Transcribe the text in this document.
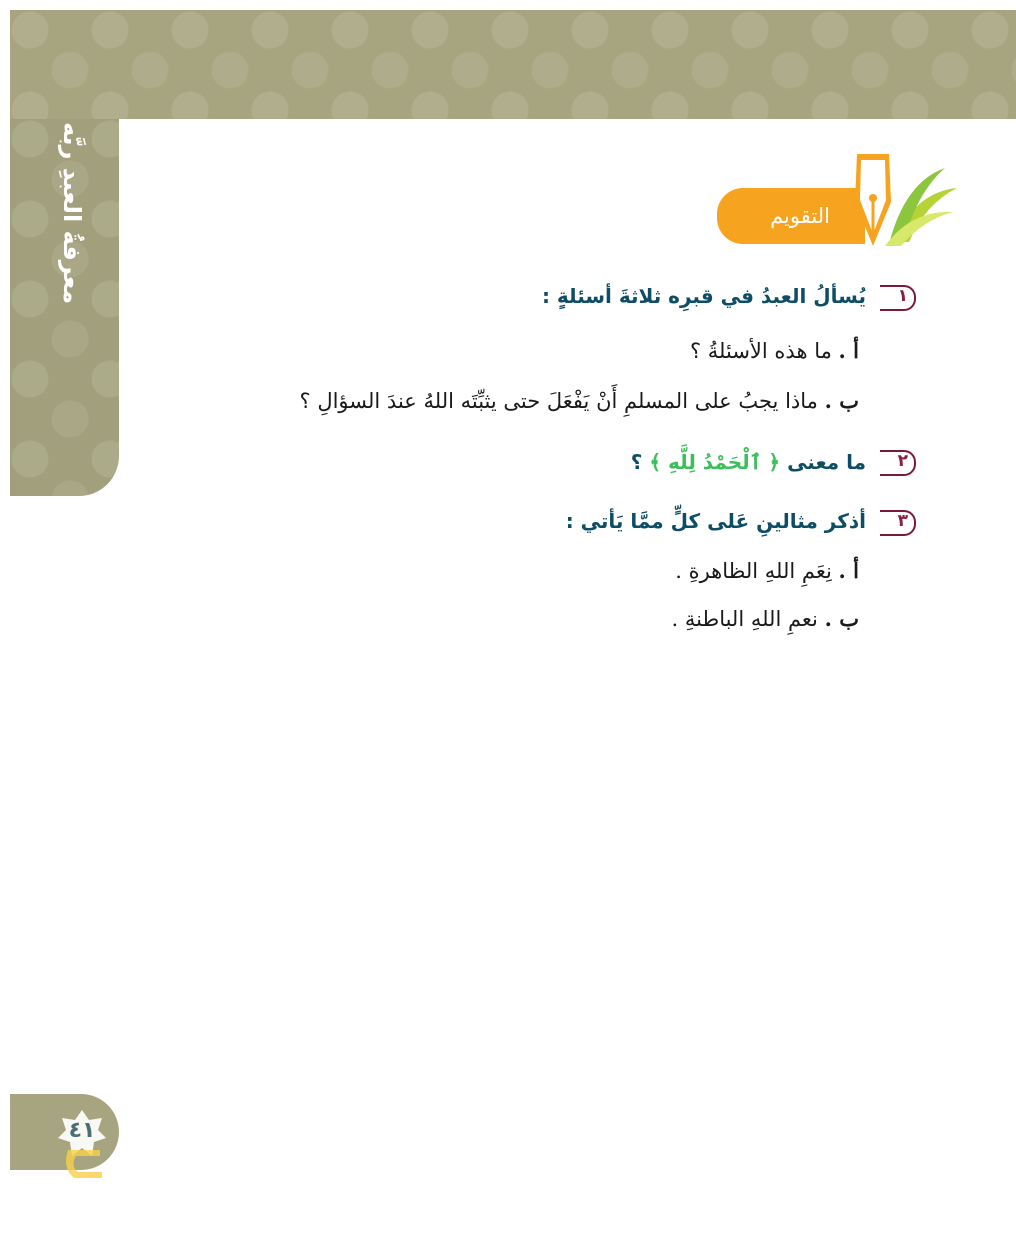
معرفةُ العبدِ ربَّه	التقويم
١
يُسألُ العبدُ في قبرِه ثلاثةَ أسئلةٍ :
أ . ما هذه الأسئلةُ ؟
ب . ماذا يجبُ على المسلمِ أَنْ يَفْعَلَ حتى يثبِّتَه اللهُ عندَ السؤالِ ؟
٢
ما معنى ﴿ ٱلْحَمْدُ لِلَّهِ ﴾ ؟
٣
أذكر مثالينِ عَلى كلٍّ ممَّا يَأتي :
أ . نِعَمِ اللهِ الظاهرةِ .
ب . نعمِ اللهِ الباطنةِ .
٤١
